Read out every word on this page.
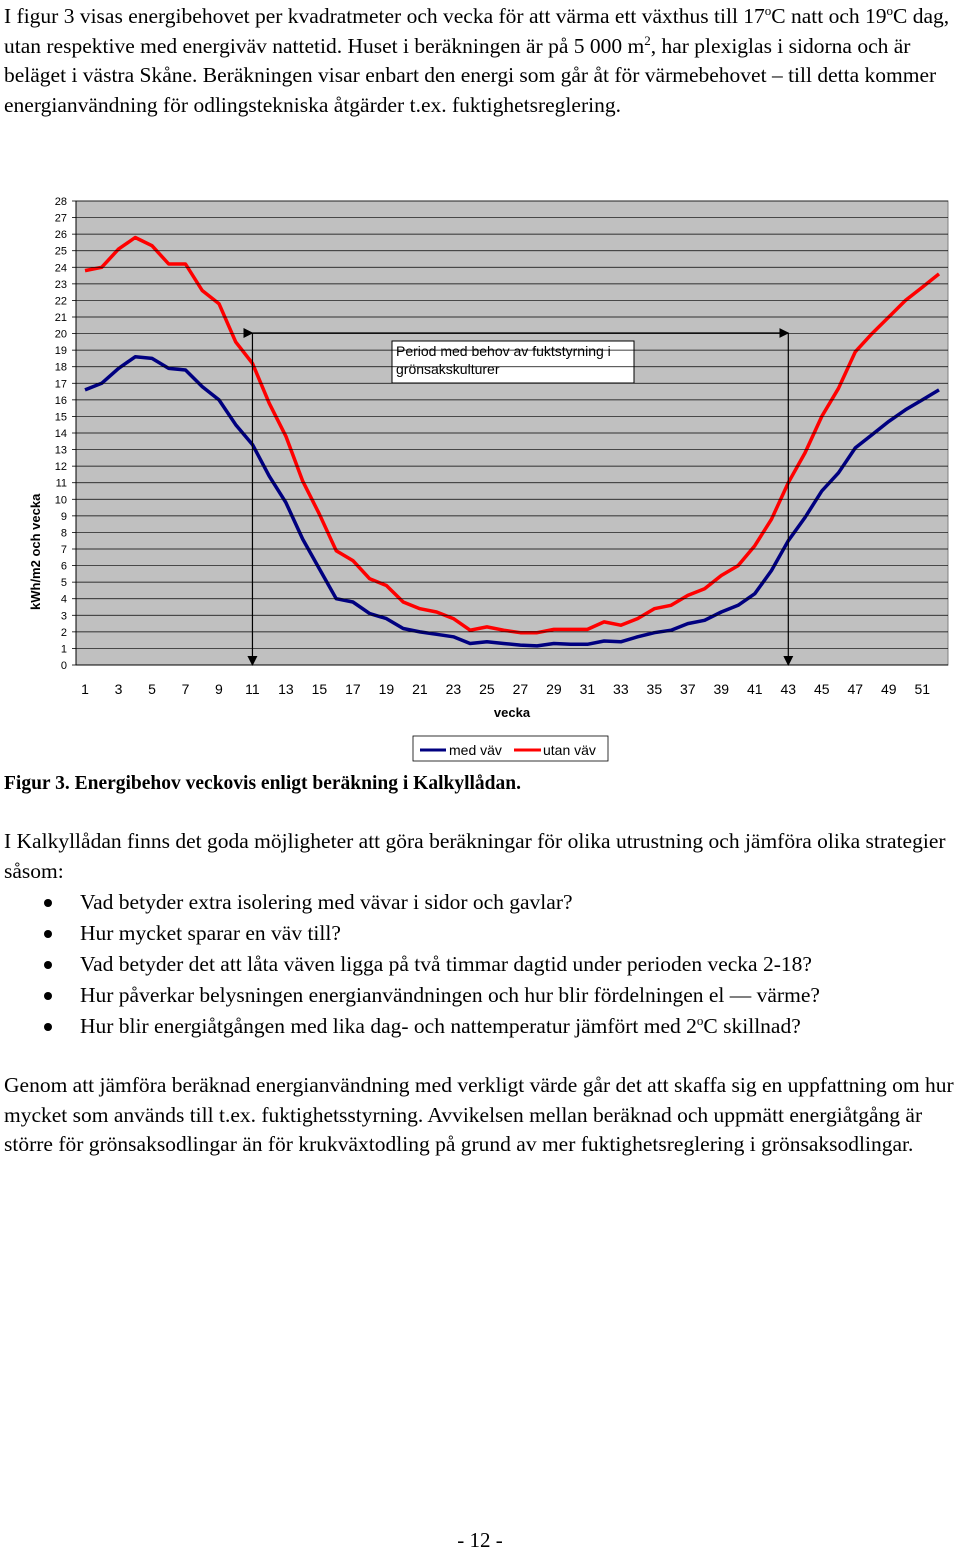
I figur 3 visas energibehovet per kvadratmeter och vecka för att värma ett växthus till 17$^o$C natt och 19$^o$C dag, utan respektive med energiväv nattetid. Huset i beräkningen är på 5 000 $m^2$, har plexiglas i sidorna och är beläget i västra Skåne. Beräkningen visar enbart den energi som går åt för värmebehovet – till detta kommer energianvändning för odlingstekniska åtgärder t.ex. fuktighetsreglering.

kWh/m2 och vecka
vecka
Period med behov av fuktstyrning i grönsakskulturer
med väv	utan väv
0
1
2
3
4
5
6
7
8
9
10
11
12
13
14
15
16
17
18
19
20
21
22
23
24
25
26
27
28
1 3 5 7 9 11 13 15 17 19 21 23 25 27 29 31 33 35 37 39 41 43 45 47 49 51

Figur 3. Energibehov veckovis enligt beräkning i Kalkyllådan.

I Kalkyllådan finns det goda möjligheter att göra beräkningar för olika utrustning och jämföra olika strategier såsom:

Vad betyder extra isolering med vävar i sidor och gavlar?
Hur mycket sparar en väv till?
Vad betyder det att låta väven ligga på två timmar dagtid under perioden vecka 2-18?
Hur påverkar belysningen energianvändningen och hur blir fördelningen el — värme?
Hur blir energiåtgången med lika dag- och nattemperatur jämfört med 2$^o$C skillnad?

Genom att jämföra beräknad energianvändning med verkligt värde går det att skaffa sig en uppfattning om hur mycket som används till t.ex. fuktighetsstyrning. Avvikelsen mellan beräknad och uppmätt energiåtgång är större för grönsaksodlingar än för krukväxtodling på grund av mer fuktighetsreglering i grönsaksodlingar.

- 12 -
